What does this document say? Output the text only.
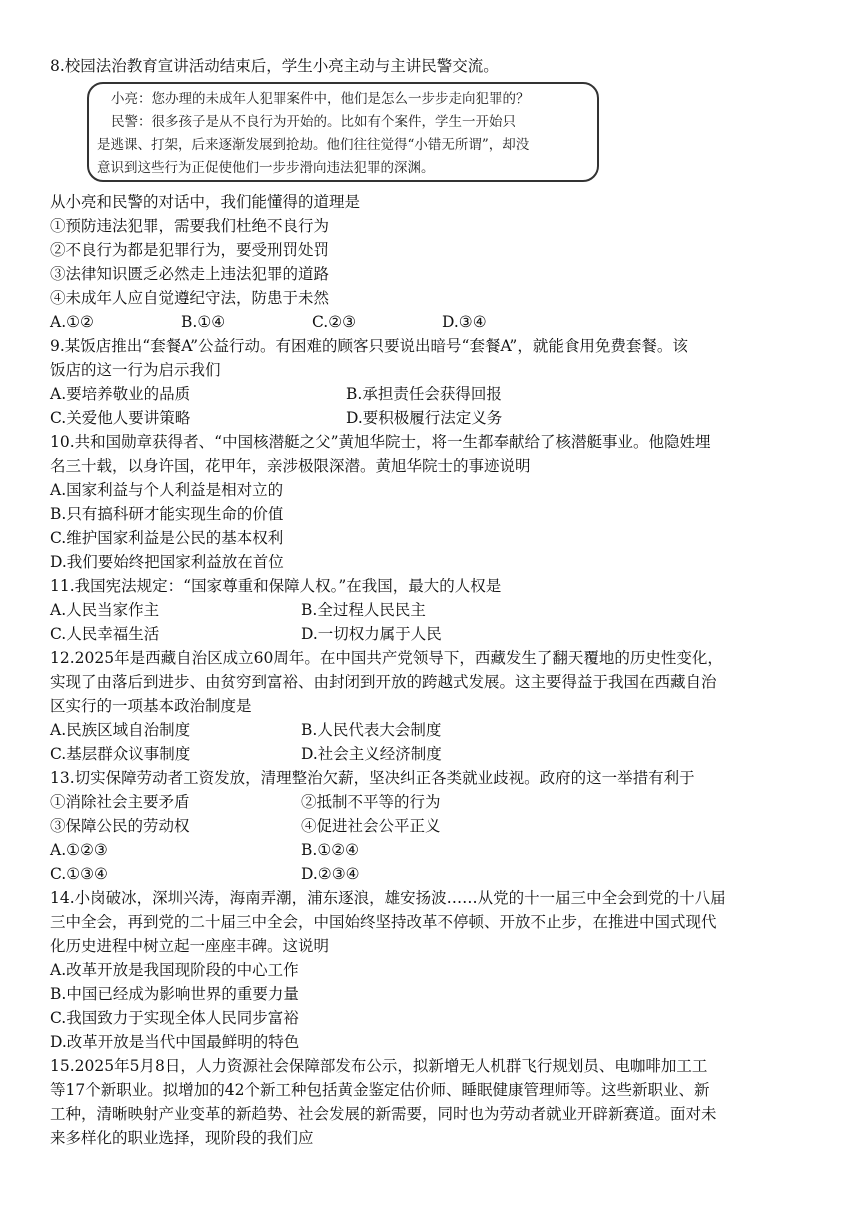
8.校园法治教育宣讲活动结束后，学生小亮主动与主讲民警交流。
小亮：您办理的未成年人犯罪案件中，他们是怎么一步步走向犯罪的？
民警：很多孩子是从不良行为开始的。比如有个案件，学生一开始只
是逃课、打架，后来逐渐发展到抢劫。他们往往觉得“小错无所谓”，却没
意识到这些行为正促使他们一步步滑向违法犯罪的深渊。
从小亮和民警的对话中，我们能懂得的道理是
①预防违法犯罪，需要我们杜绝不良行为
②不良行为都是犯罪行为，要受刑罚处罚
③法律知识匮乏必然走上违法犯罪的道路
④未成年人应自觉遵纪守法，防患于未然
A.①②	B.①④	C.②③	D.③④
9.某饭店推出“套餐A”公益行动。有困难的顾客只要说出暗号“套餐A”，就能食用免费套餐。该
饭店的这一行为启示我们
A.要培养敬业的品质	B.承担责任会获得回报
C.关爱他人要讲策略	D.要积极履行法定义务
10.共和国勋章获得者、“中国核潜艇之父”黄旭华院士，将一生都奉献给了核潜艇事业。他隐姓埋
名三十载，以身许国，花甲年，亲涉极限深潜。黄旭华院士的事迹说明
A.国家利益与个人利益是相对立的
B.只有搞科研才能实现生命的价值
C.维护国家利益是公民的基本权利
D.我们要始终把国家利益放在首位
11.我国宪法规定：“国家尊重和保障人权。”在我国，最大的人权是
A.人民当家作主	B.全过程人民民主
C.人民幸福生活	D.一切权力属于人民
12.2025年是西藏自治区成立60周年。在中国共产党领导下，西藏发生了翻天覆地的历史性变化，
实现了由落后到进步、由贫穷到富裕、由封闭到开放的跨越式发展。这主要得益于我国在西藏自治
区实行的一项基本政治制度是
A.民族区域自治制度	B.人民代表大会制度
C.基层群众议事制度	D.社会主义经济制度
13.切实保障劳动者工资发放，清理整治欠薪，坚决纠正各类就业歧视。政府的这一举措有利于
①消除社会主要矛盾	②抵制不平等的行为
③保障公民的劳动权	④促进社会公平正义
A.①②③	B.①②④
C.①③④	D.②③④
14.小岗破冰，深圳兴涛，海南弄潮，浦东逐浪，雄安扬波……从党的十一届三中全会到党的十八届
三中全会，再到党的二十届三中全会，中国始终坚持改革不停顿、开放不止步，在推进中国式现代
化历史进程中树立起一座座丰碑。这说明
A.改革开放是我国现阶段的中心工作
B.中国已经成为影响世界的重要力量
C.我国致力于实现全体人民同步富裕
D.改革开放是当代中国最鲜明的特色
15.2025年5月8日，人力资源社会保障部发布公示，拟新增无人机群飞行规划员、电咖啡加工工
等17个新职业。拟增加的42个新工种包括黄金鉴定估价师、睡眠健康管理师等。这些新职业、新
工种，清晰映射产业变革的新趋势、社会发展的新需要，同时也为劳动者就业开辟新赛道。面对未
来多样化的职业选择，现阶段的我们应
